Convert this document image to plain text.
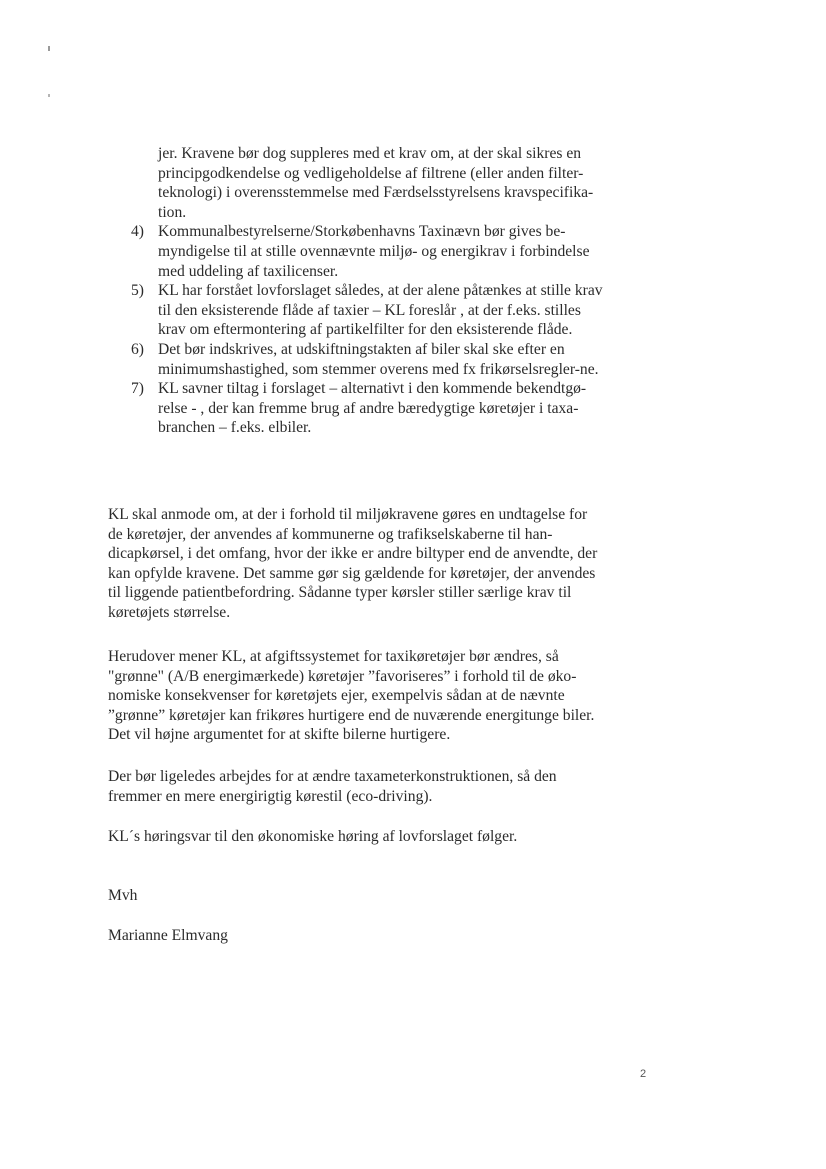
jer. Kravene bør dog suppleres med et krav om, at der skal sikres en principgodkendelse og vedligeholdelse af filtrene (eller anden filter-teknologi) i overensstemmelse med Færdselsstyrelsens kravspecifika-tion.
4) Kommunalbestyrelserne/Storkøbenhavns Taxinævn bør gives be-myndigelse til at stille ovennævnte miljø- og energikrav i forbindelse med uddeling af taxilicenser.
5) KL har forstået lovforslaget således, at der alene påtænkes at stille krav til den eksisterende flåde af taxier – KL foreslår , at der f.eks. stilles krav om eftermontering af partikelfilter for den eksisterende flåde.
6) Det bør indskrives, at udskiftningstakten af biler skal ske efter en minimumshastighed, som stemmer overens med fx frikørselsregler-ne.
7) KL savner tiltag i forslaget – alternativt i den kommende bekendtgø-relse - , der kan fremme brug af andre bæredygtige køretøjer i taxa-branchen – f.eks. elbiler.

KL skal anmode om, at der i forhold til miljøkravene gøres en undtagelse for de køretøjer, der anvendes af kommunerne og trafikselskaberne til han-dicapkørsel, i det omfang, hvor der ikke er andre biltyper end de anvendte, der kan opfylde kravene. Det samme gør sig gældende for køretøjer, der anvendes til liggende patientbefordring. Sådanne typer kørsler stiller særlige krav til køretøjets størrelse.

Herudover mener KL, at afgiftssystemet for taxikøretøjer bør ændres, så "grønne" (A/B energimærkede) køretøjer ”favoriseres” i forhold til de øko-nomiske konsekvenser for køretøjets ejer, exempelvis sådan at de nævnte ”grønne” køretøjer kan frikøres hurtigere end de nuværende energitunge biler. Det vil højne argumentet for at skifte bilerne hurtigere.

Der bør ligeledes arbejdes for at ændre taxameterkonstruktionen, så den fremmer en mere energirigtig kørestil (eco-driving).

KL´s høringsvar til den økonomiske høring af lovforslaget følger.

Mvh

Marianne Elmvang

2
